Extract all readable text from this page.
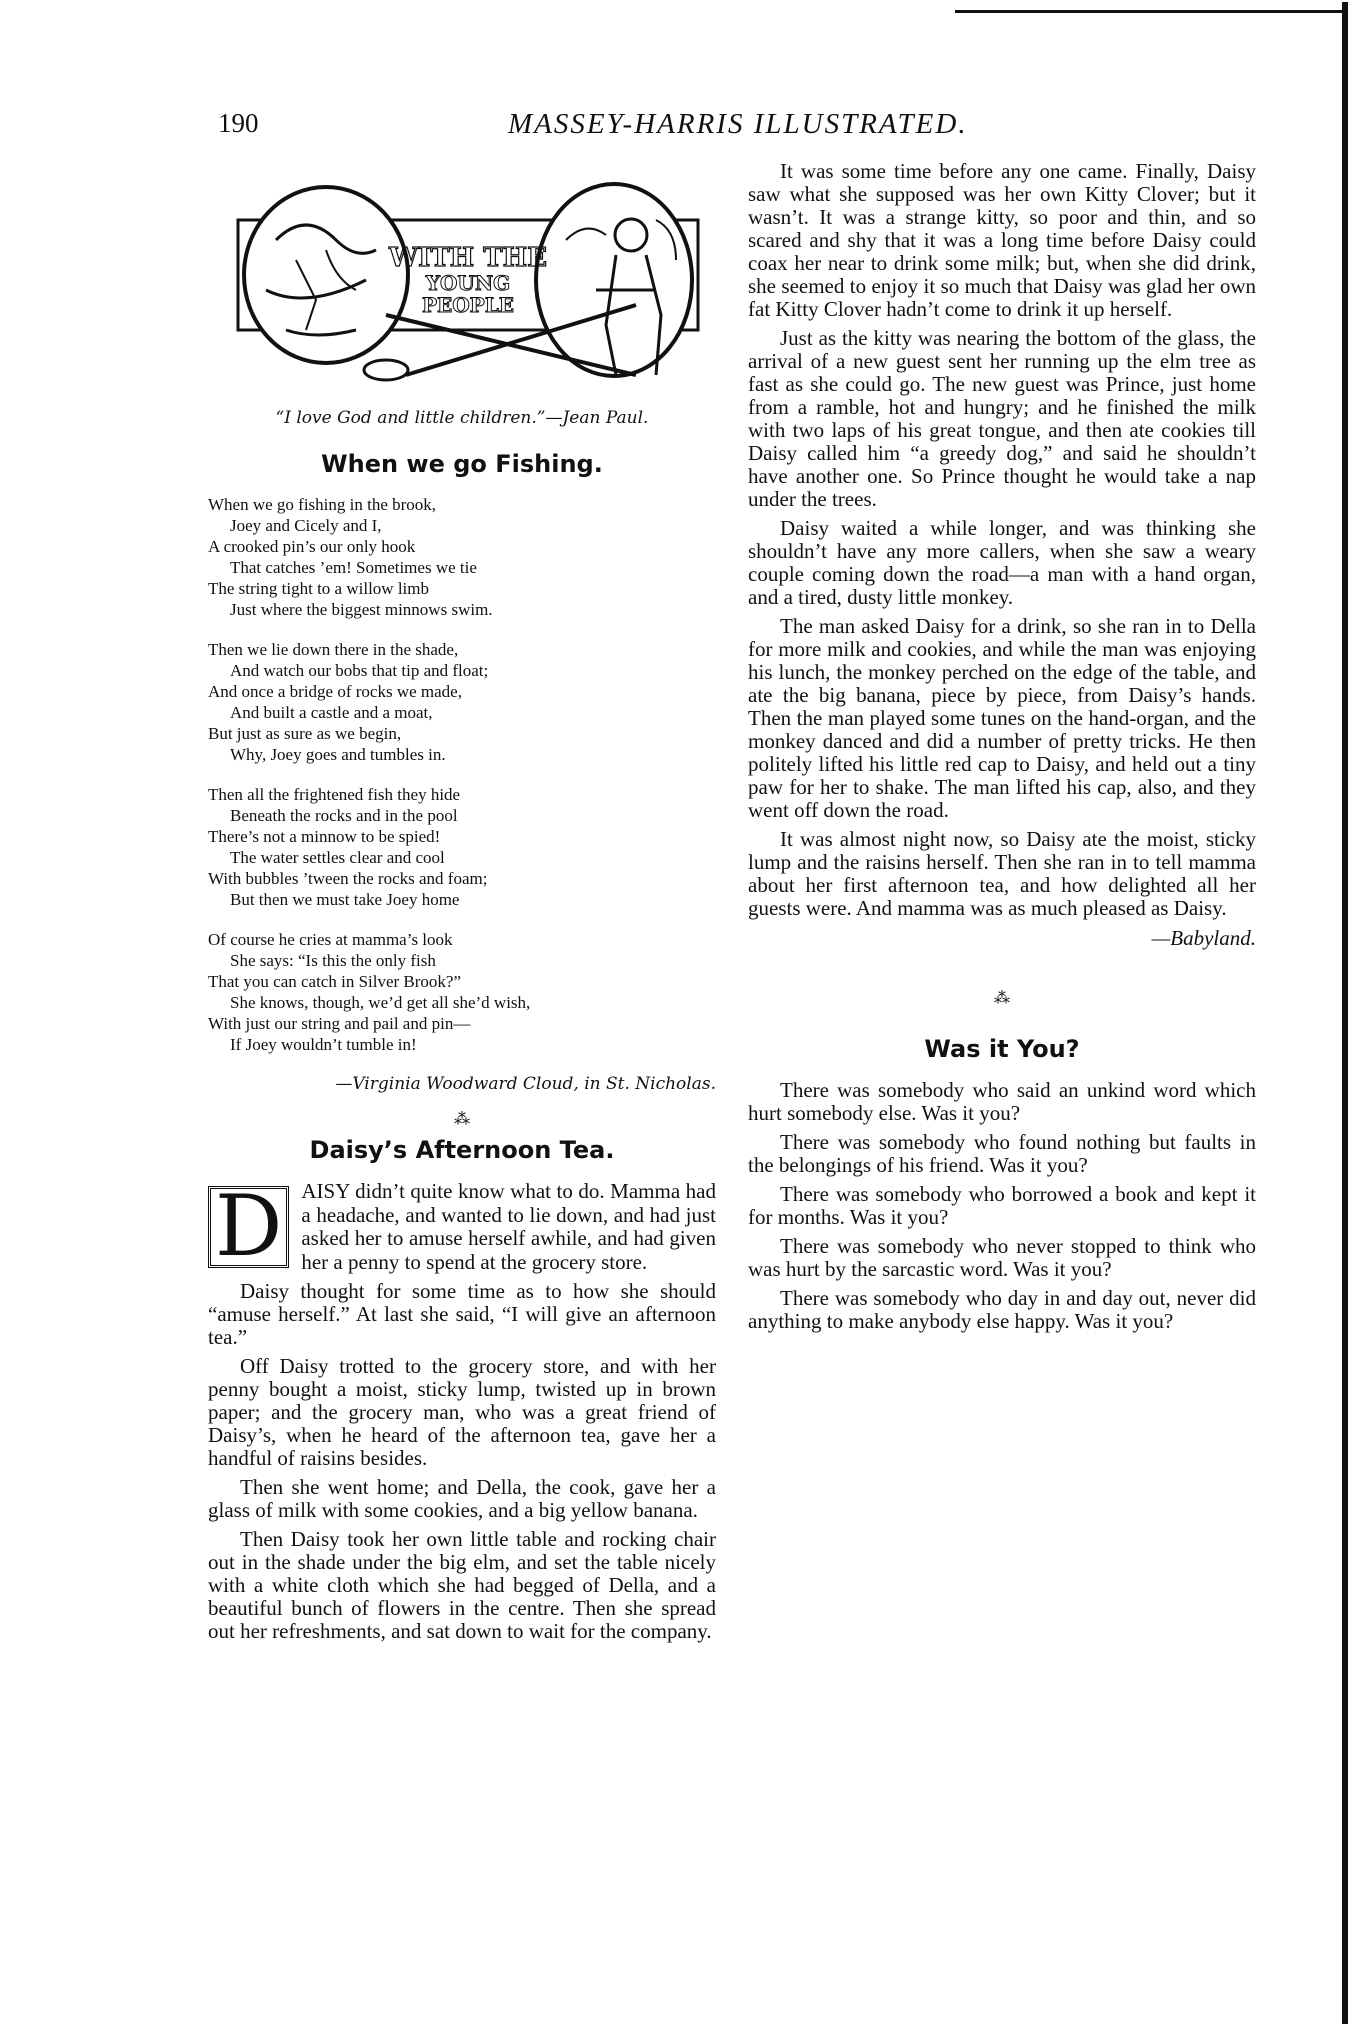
190	MASSEY-HARRIS ILLUSTRATED.
WITH THE
YOUNG
PEOPLE

“I love God and little children.”—Jean Paul.

When we go Fishing.
When we go fishing in the brook,
Joey and Cicely and I,
A crooked pin’s our only hook
That catches ’em! Sometimes we tie
The string tight to a willow limb
Just where the biggest minnows swim.
Then we lie down there in the shade,
And watch our bobs that tip and float;
And once a bridge of rocks we made,
And built a castle and a moat,
But just as sure as we begin,
Why, Joey goes and tumbles in.
Then all the frightened fish they hide
Beneath the rocks and in the pool
There’s not a minnow to be spied!
The water settles clear and cool
With bubbles ’tween the rocks and foam;
But then we must take Joey home
Of course he cries at mamma’s look
She says: “Is this the only fish
That you can catch in Silver Brook?”
She knows, though, we’d get all she’d wish,
With just our string and pail and pin—
If Joey wouldn’t tumble in!
—Virginia Woodward Cloud, in St. Nicholas.
⁂
Daisy’s Afternoon Tea.
D AISY didn’t quite know what to do. Mamma had a headache, and wanted to lie down, and had just asked her to amuse herself awhile, and had given her a penny to spend at the grocery store.

Daisy thought for some time as to how she should “amuse herself.” At last she said, “I will give an afternoon tea.”

Off Daisy trotted to the grocery store, and with her penny bought a moist, sticky lump, twisted up in brown paper; and the grocery man, who was a great friend of Daisy’s, when he heard of the afternoon tea, gave her a handful of raisins besides.

Then she went home; and Della, the cook, gave her a glass of milk with some cookies, and a big yellow banana.

Then Daisy took her own little table and rocking chair out in the shade under the big elm, and set the table nicely with a white cloth which she had begged of Della, and a beautiful bunch of flowers in the centre. Then she spread out her refreshments, and sat down to wait for the company.

It was some time before any one came. Finally, Daisy saw what she supposed was her own Kitty Clover; but it wasn’t. It was a strange kitty, so poor and thin, and so scared and shy that it was a long time before Daisy could coax her near to drink some milk; but, when she did drink, she seemed to enjoy it so much that Daisy was glad her own fat Kitty Clover hadn’t come to drink it up herself.

Just as the kitty was nearing the bottom of the glass, the arrival of a new guest sent her running up the elm tree as fast as she could go. The new guest was Prince, just home from a ramble, hot and hungry; and he finished the milk with two laps of his great tongue, and then ate cookies till Daisy called him “a greedy dog,” and said he shouldn’t have another one. So Prince thought he would take a nap under the trees.

Daisy waited a while longer, and was thinking she shouldn’t have any more callers, when she saw a weary couple coming down the road—a man with a hand organ, and a tired, dusty little monkey.

The man asked Daisy for a drink, so she ran in to Della for more milk and cookies, and while the man was enjoying his lunch, the monkey perched on the edge of the table, and ate the big banana, piece by piece, from Daisy’s hands. Then the man played some tunes on the hand-organ, and the monkey danced and did a number of pretty tricks. He then politely lifted his little red cap to Daisy, and held out a tiny paw for her to shake. The man lifted his cap, also, and they went off down the road.

It was almost night now, so Daisy ate the moist, sticky lump and the raisins herself. Then she ran in to tell mamma about her first afternoon tea, and how delighted all her guests were. And mamma was as much pleased as Daisy.

—Babyland.
⁂
Was it You?

There was somebody who said an unkind word which hurt somebody else. Was it you?

There was somebody who found nothing but faults in the belongings of his friend. Was it you?

There was somebody who borrowed a book and kept it for months. Was it you?

There was somebody who never stopped to think who was hurt by the sarcastic word. Was it you?

There was somebody who day in and day out, never did anything to make anybody else happy. Was it you?
